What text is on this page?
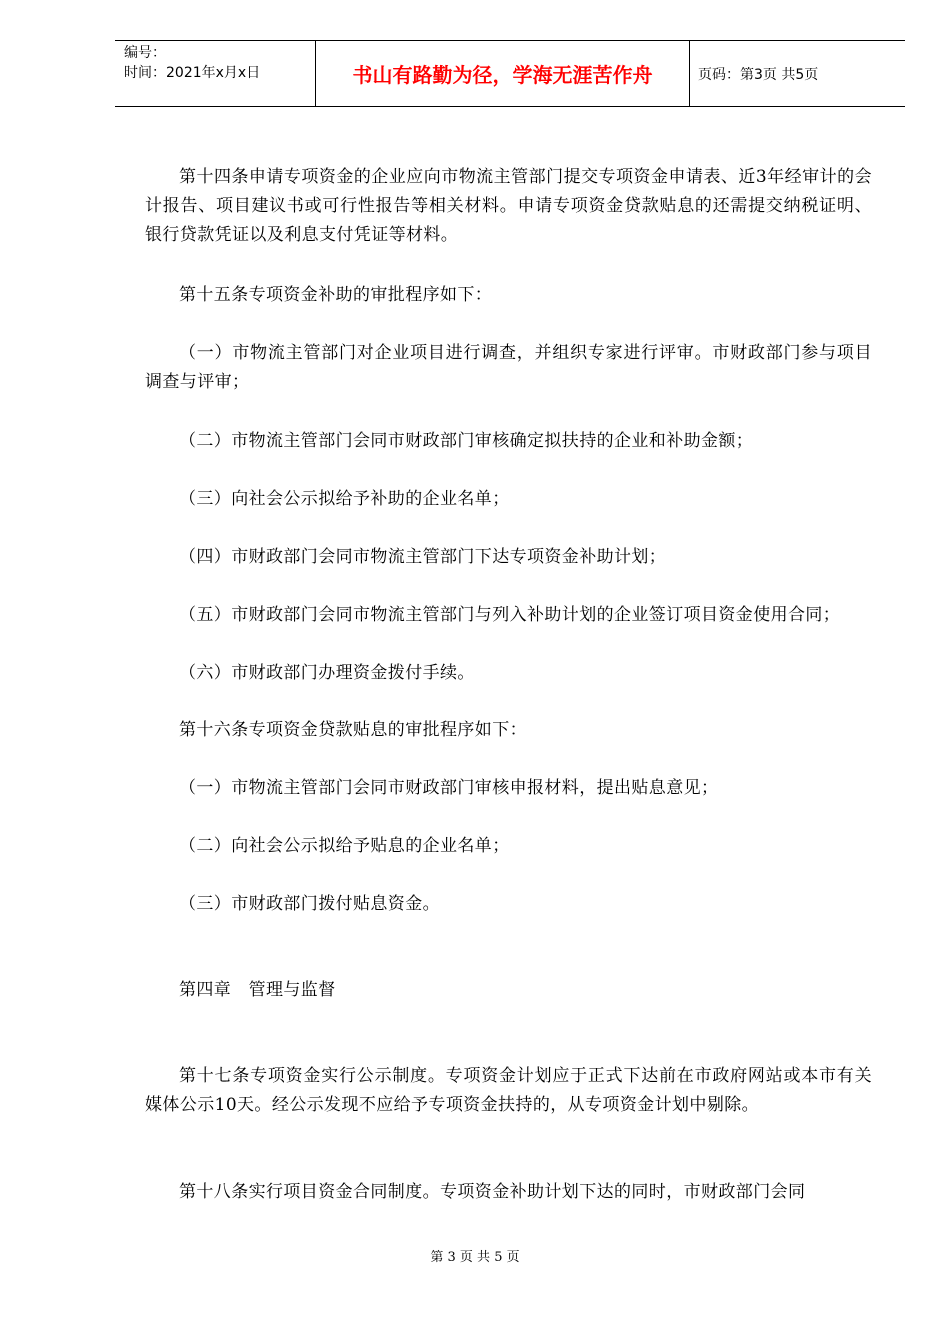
编号：
时间：2021年x月x日	书山有路勤为径，学海无涯苦作舟	页码：第3页 共5页

第十四条申请专项资金的企业应向市物流主管部门提交专项资金申请表、近3年经审计的会计报告、项目建议书或可行性报告等相关材料。申请专项资金贷款贴息的还需提交纳税证明、银行贷款凭证以及利息支付凭证等材料。

第十五条专项资金补助的审批程序如下：

（一）市物流主管部门对企业项目进行调查，并组织专家进行评审。市财政部门参与项目调查与评审；

（二）市物流主管部门会同市财政部门审核确定拟扶持的企业和补助金额；

（三）向社会公示拟给予补助的企业名单；

（四）市财政部门会同市物流主管部门下达专项资金补助计划；

（五）市财政部门会同市物流主管部门与列入补助计划的企业签订项目资金使用合同；

（六）市财政部门办理资金拨付手续。

第十六条专项资金贷款贴息的审批程序如下：

（一）市物流主管部门会同市财政部门审核申报材料，提出贴息意见；

（二）向社会公示拟给予贴息的企业名单；

（三）市财政部门拨付贴息资金。

第四章　管理与监督

第十七条专项资金实行公示制度。专项资金计划应于正式下达前在市政府网站或本市有关媒体公示10天。经公示发现不应给予专项资金扶持的，从专项资金计划中剔除。

第十八条实行项目资金合同制度。专项资金补助计划下达的同时，市财政部门会同

第 3 页 共 5 页
